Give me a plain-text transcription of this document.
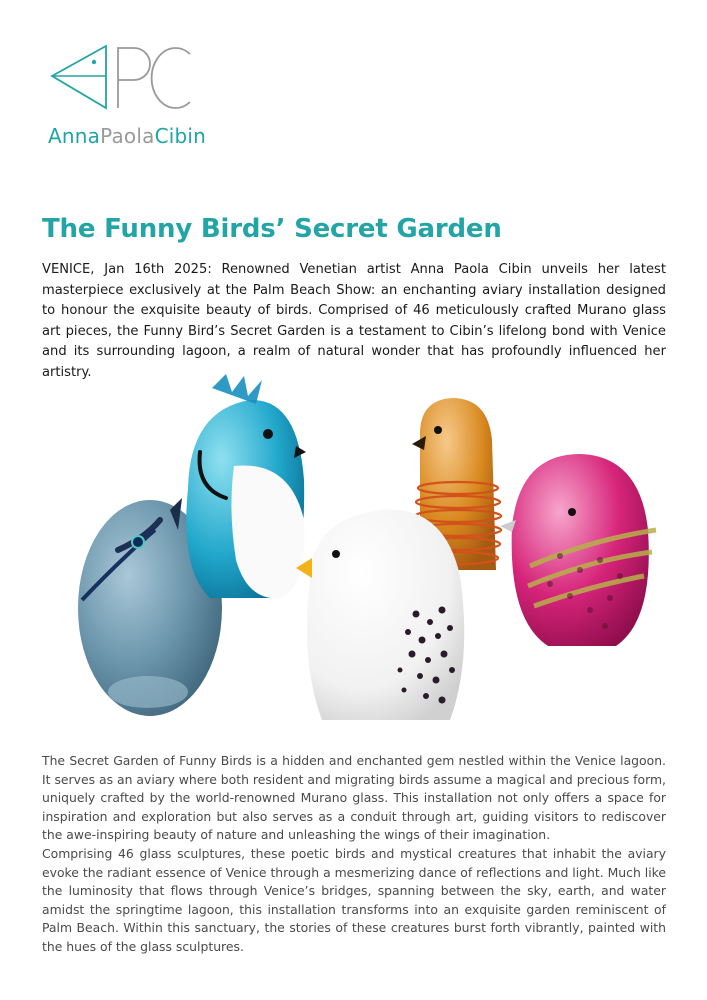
PC
AnnaPaolaCibin
The Funny Birds’ Secret Garden

VENICE, Jan 16th 2025: Renowned Venetian artist Anna Paola Cibin unveils her latest masterpiece exclusively at the Palm Beach Show: an enchanting aviary installation designed to honour the exquisite beauty of birds. Comprised of 46 meticulously crafted Murano glass art pieces, the Funny Bird’s Secret Garden is a testament to Cibin’s lifelong bond with Venice and its surrounding lagoon, a realm of natural wonder that has profoundly influenced her artistry.

The Secret Garden of Funny Birds is a hidden and enchanted gem nestled within the Venice lagoon. It serves as an aviary where both resident and migrating birds assume a magical and precious form, uniquely crafted by the world-renowned Murano glass. This installation not only offers a space for inspiration and exploration but also serves as a conduit through art, guiding visitors to rediscover the awe-inspiring beauty of nature and unleashing the wings of their imagination.

Comprising 46 glass sculptures, these poetic birds and mystical creatures that inhabit the aviary evoke the radiant essence of Venice through a mesmerizing dance of reflections and light. Much like the luminosity that flows through Venice’s bridges, spanning between the sky, earth, and water amidst the springtime lagoon, this installation transforms into an exquisite garden reminiscent of Palm Beach. Within this sanctuary, the stories of these creatures burst forth vibrantly, painted with the hues of the glass sculptures.
